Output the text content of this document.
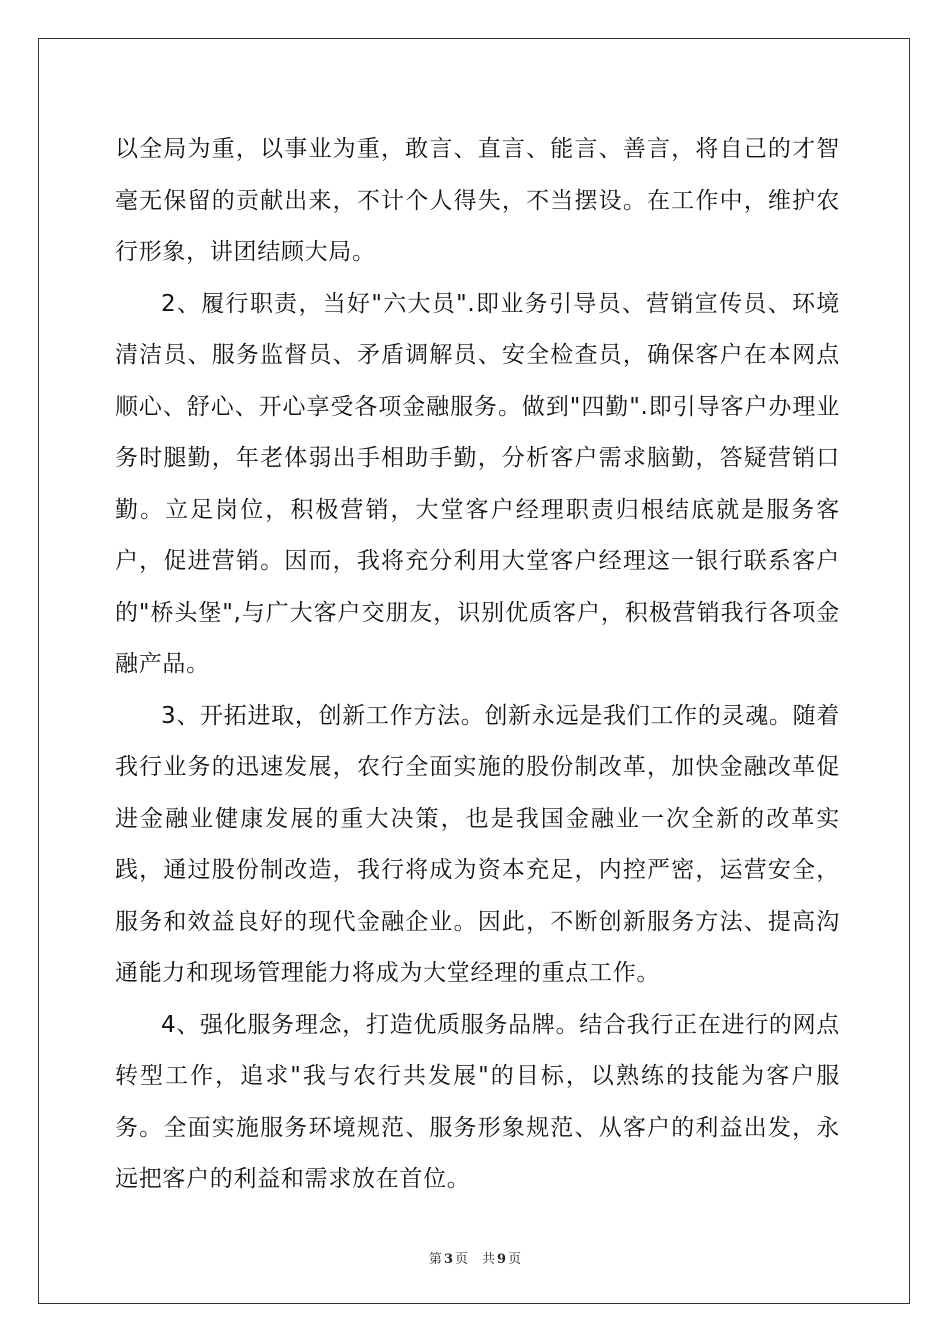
以全局为重，以事业为重，敢言、直言、能言、善言，将自己的才智毫无保留的贡献出来，不计个人得失，不当摆设。在工作中，维护农行形象，讲团结顾大局。

2、履行职责，当好"六大员".即业务引导员、营销宣传员、环境清洁员、服务监督员、矛盾调解员、安全检查员，确保客户在本网点顺心、舒心、开心享受各项金融服务。做到"四勤".即引导客户办理业务时腿勤，年老体弱出手相助手勤，分析客户需求脑勤，答疑营销口勤。立足岗位，积极营销，大堂客户经理职责归根结底就是服务客户，促进营销。因而，我将充分利用大堂客户经理这一银行联系客户的"桥头堡",与广大客户交朋友，识别优质客户，积极营销我行各项金融产品。

3、开拓进取，创新工作方法。创新永远是我们工作的灵魂。随着我行业务的迅速发展，农行全面实施的股份制改革，加快金融改革促进金融业健康发展的重大决策，也是我国金融业一次全新的改革实践，通过股份制改造，我行将成为资本充足，内控严密，运营安全，服务和效益良好的现代金融企业。因此，不断创新服务方法、提高沟通能力和现场管理能力将成为大堂经理的重点工作。

4、强化服务理念，打造优质服务品牌。结合我行正在进行的网点转型工作，追求"我与农行共发展"的目标，以熟练的技能为客户服务。全面实施服务环境规范、服务形象规范、从客户的利益出发，永远把客户的利益和需求放在首位。

第 3 页 共 9 页
